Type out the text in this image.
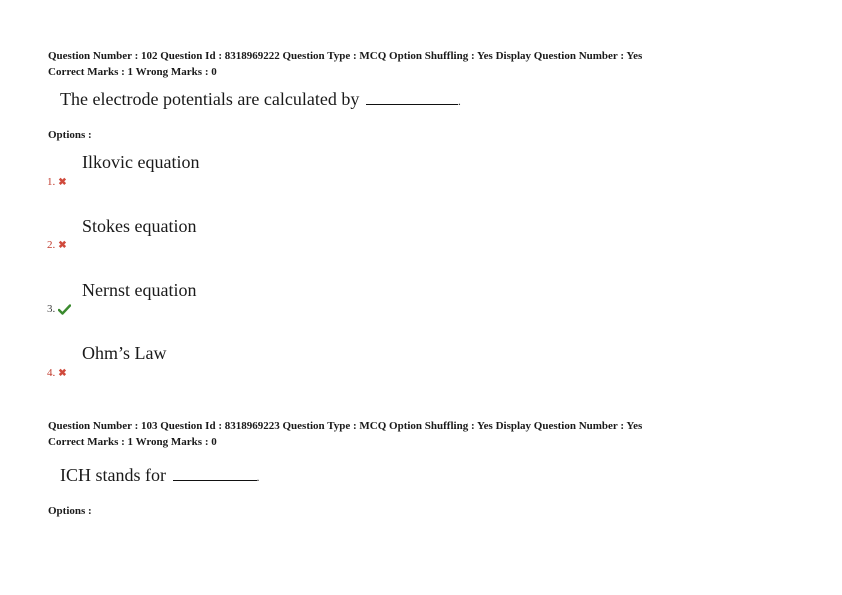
Question Number : 102 Question Id : 8318969222 Question Type : MCQ Option Shuffling : Yes Display Question Number : Yes
Correct Marks : 1 Wrong Marks : 0
The electrode potentials are calculated by	.
Options :
Ilkovic equation
1. ✖
Stokes equation
2. ✖
Nernst equation
3.
Ohm’s Law
4. ✖
Question Number : 103 Question Id : 8318969223 Question Type : MCQ Option Shuffling : Yes Display Question Number : Yes
Correct Marks : 1 Wrong Marks : 0
ICH stands for	.
Options :
